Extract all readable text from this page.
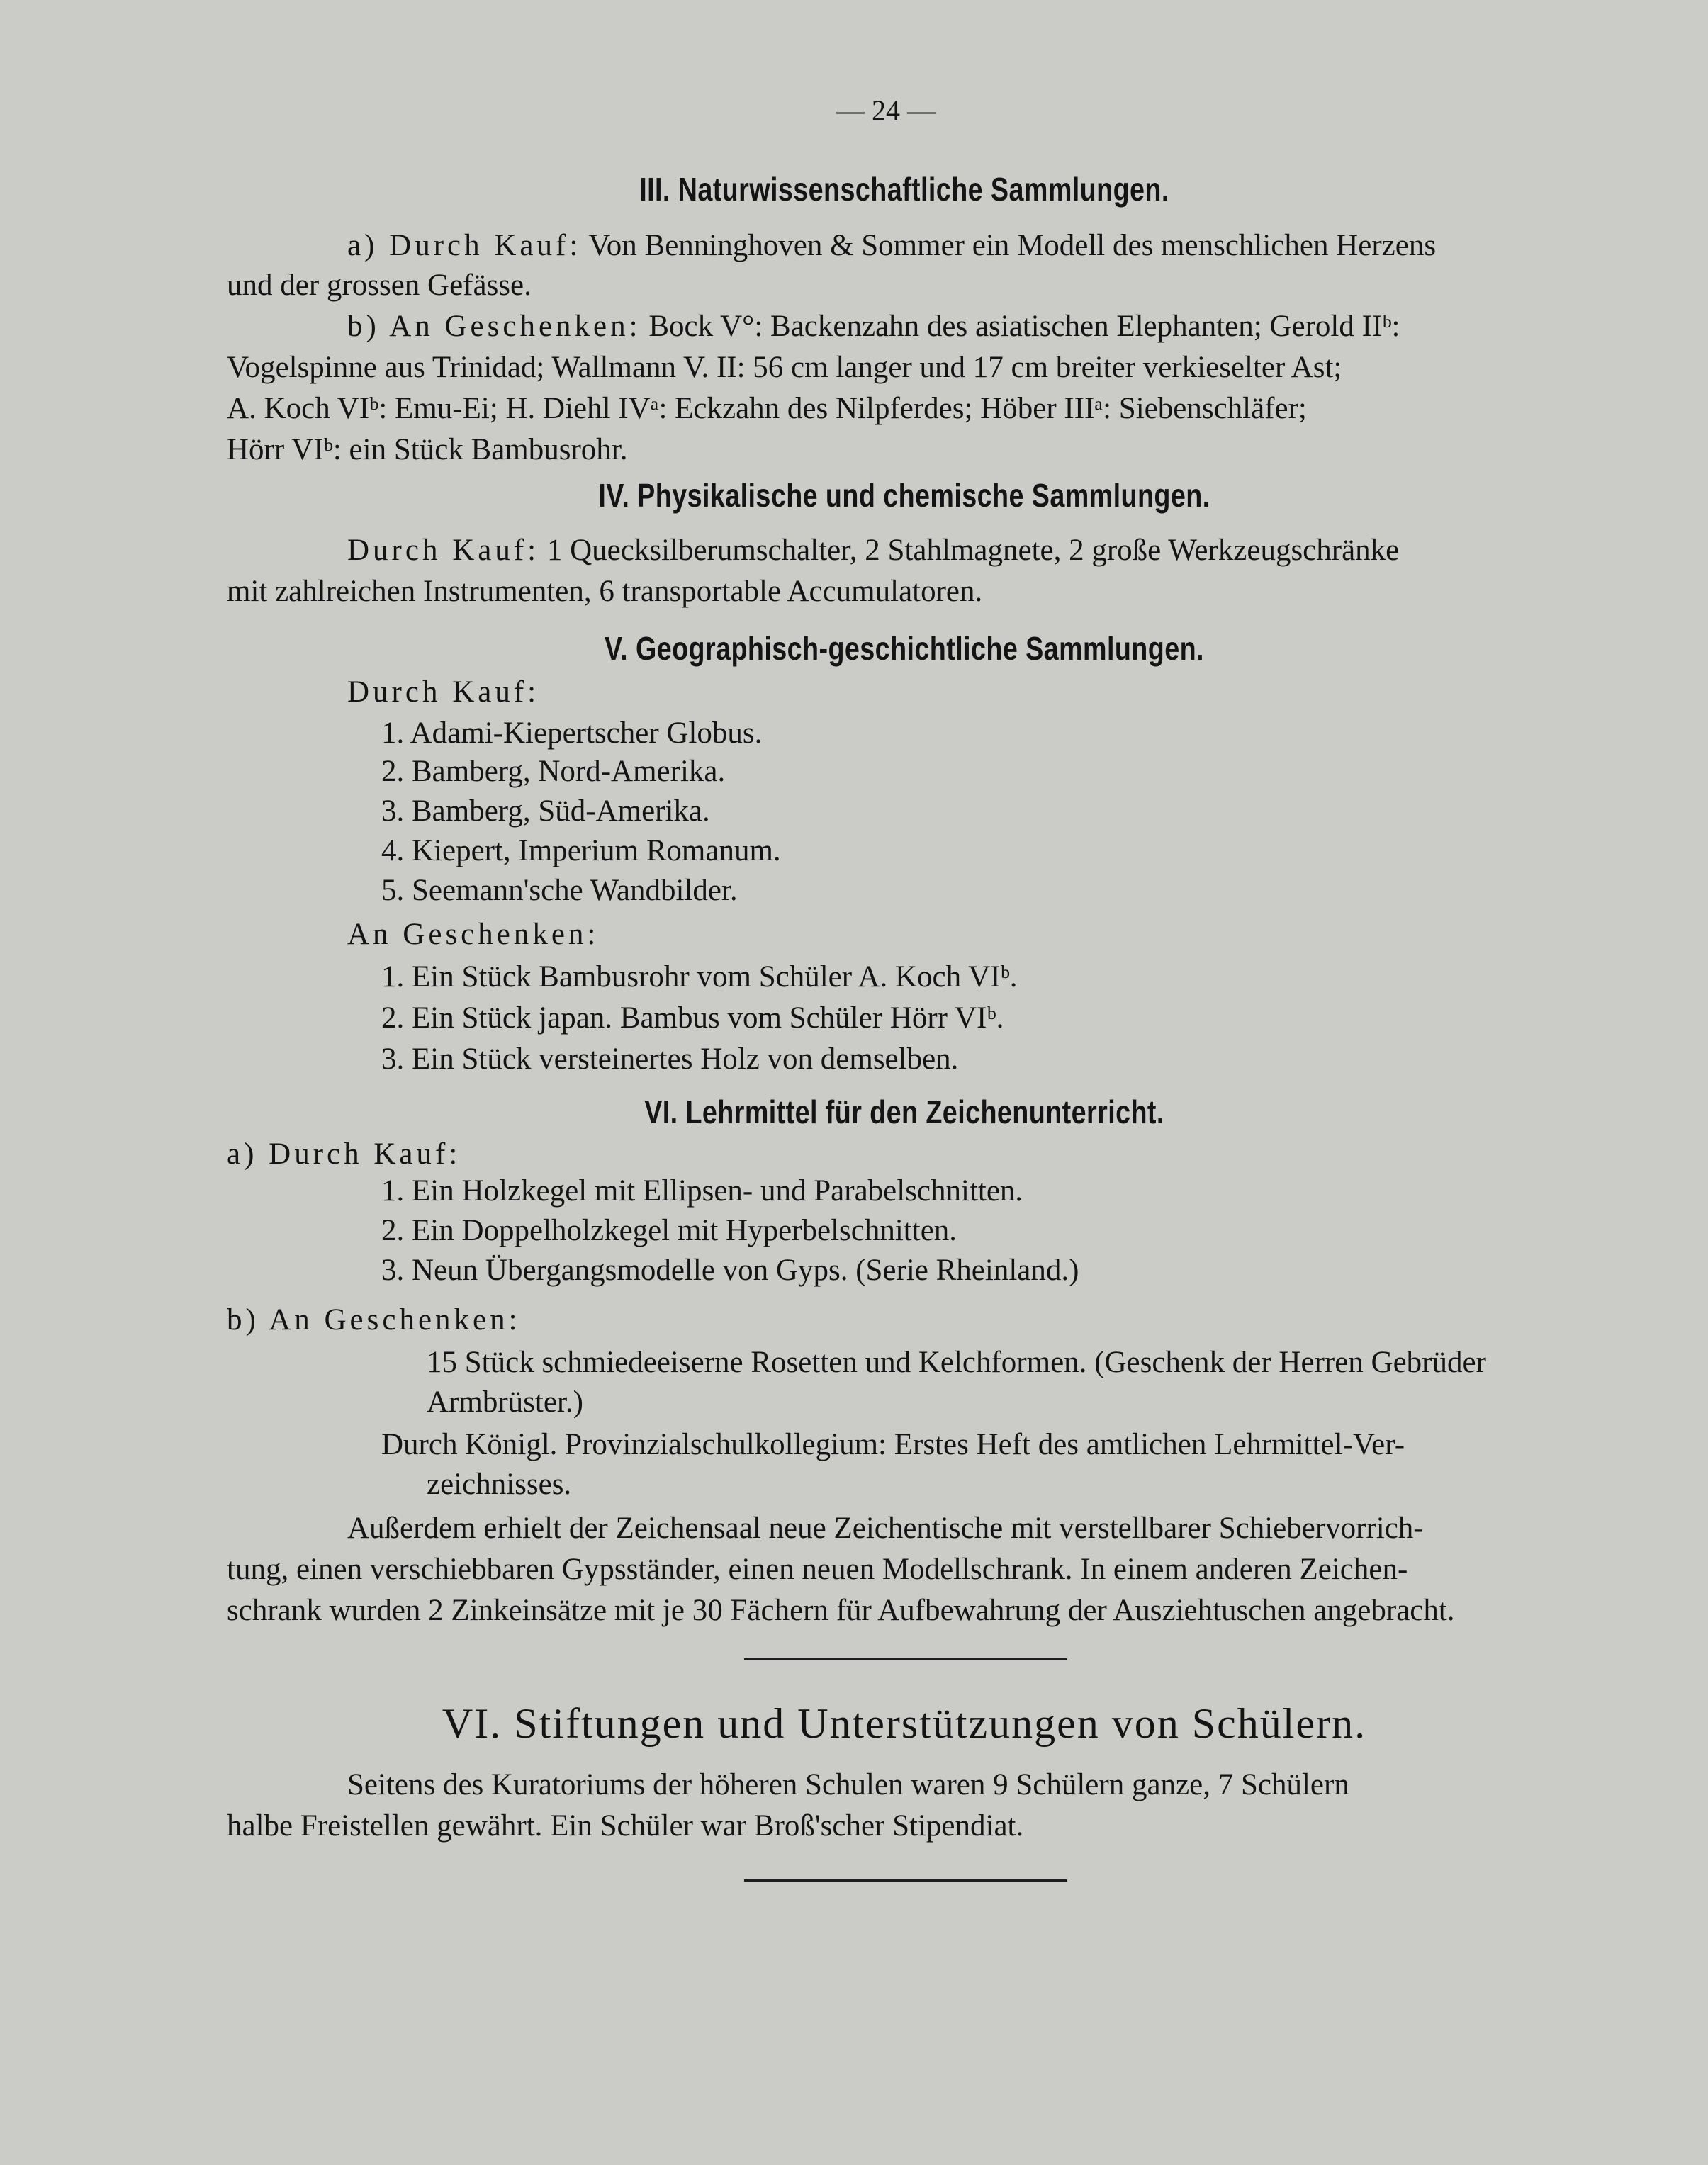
— 24 —
III. Naturwissenschaftliche Sammlungen.
a) Durch Kauf: Von Benninghoven & Sommer ein Modell des menschlichen Herzens
und der grossen Gefässe.
b) An Geschenken: Bock V°: Backenzahn des asiatischen Elephanten; Gerold IIᵇ:
Vogelspinne aus Trinidad; Wallmann V. II: 56 cm langer und 17 cm breiter verkieselter Ast;
A. Koch VIᵇ: Emu-Ei; H. Diehl IVᵃ: Eckzahn des Nilpferdes; Höber IIIᵃ: Siebenschläfer;
Hörr VIᵇ: ein Stück Bambusrohr.
IV. Physikalische und chemische Sammlungen.
Durch Kauf: 1 Quecksilberumschalter, 2 Stahlmagnete, 2 große Werkzeugschränke
mit zahlreichen Instrumenten, 6 transportable Accumulatoren.
V. Geographisch-geschichtliche Sammlungen.
Durch Kauf:
1. Adami-Kiepertscher Globus.
2. Bamberg, Nord-Amerika.
3. Bamberg, Süd-Amerika.
4. Kiepert, Imperium Romanum.
5. Seemann'sche Wandbilder.
An Geschenken:
1. Ein Stück Bambusrohr vom Schüler A. Koch VIᵇ.
2. Ein Stück japan. Bambus vom Schüler Hörr VIᵇ.
3. Ein Stück versteinertes Holz von demselben.
VI. Lehrmittel für den Zeichenunterricht.
a) Durch Kauf:
1. Ein Holzkegel mit Ellipsen- und Parabelschnitten.
2. Ein Doppelholzkegel mit Hyperbelschnitten.
3. Neun Übergangsmodelle von Gyps. (Serie Rheinland.)
b) An Geschenken:
15 Stück schmiedeeiserne Rosetten und Kelchformen. (Geschenk der Herren Gebrüder
Armbrüster.)
Durch Königl. Provinzialschulkollegium: Erstes Heft des amtlichen Lehrmittel-Ver-
zeichnisses.
Außerdem erhielt der Zeichensaal neue Zeichentische mit verstellbarer Schiebervorrich-
tung, einen verschiebbaren Gypsständer, einen neuen Modellschrank. In einem anderen Zeichen-
schrank wurden 2 Zinkeinsätze mit je 30 Fächern für Aufbewahrung der Ausziehtuschen angebracht.
VI. Stiftungen und Unterstützungen von Schülern.
Seitens des Kuratoriums der höheren Schulen waren 9 Schülern ganze, 7 Schülern
halbe Freistellen gewährt. Ein Schüler war Broß'scher Stipendiat.
